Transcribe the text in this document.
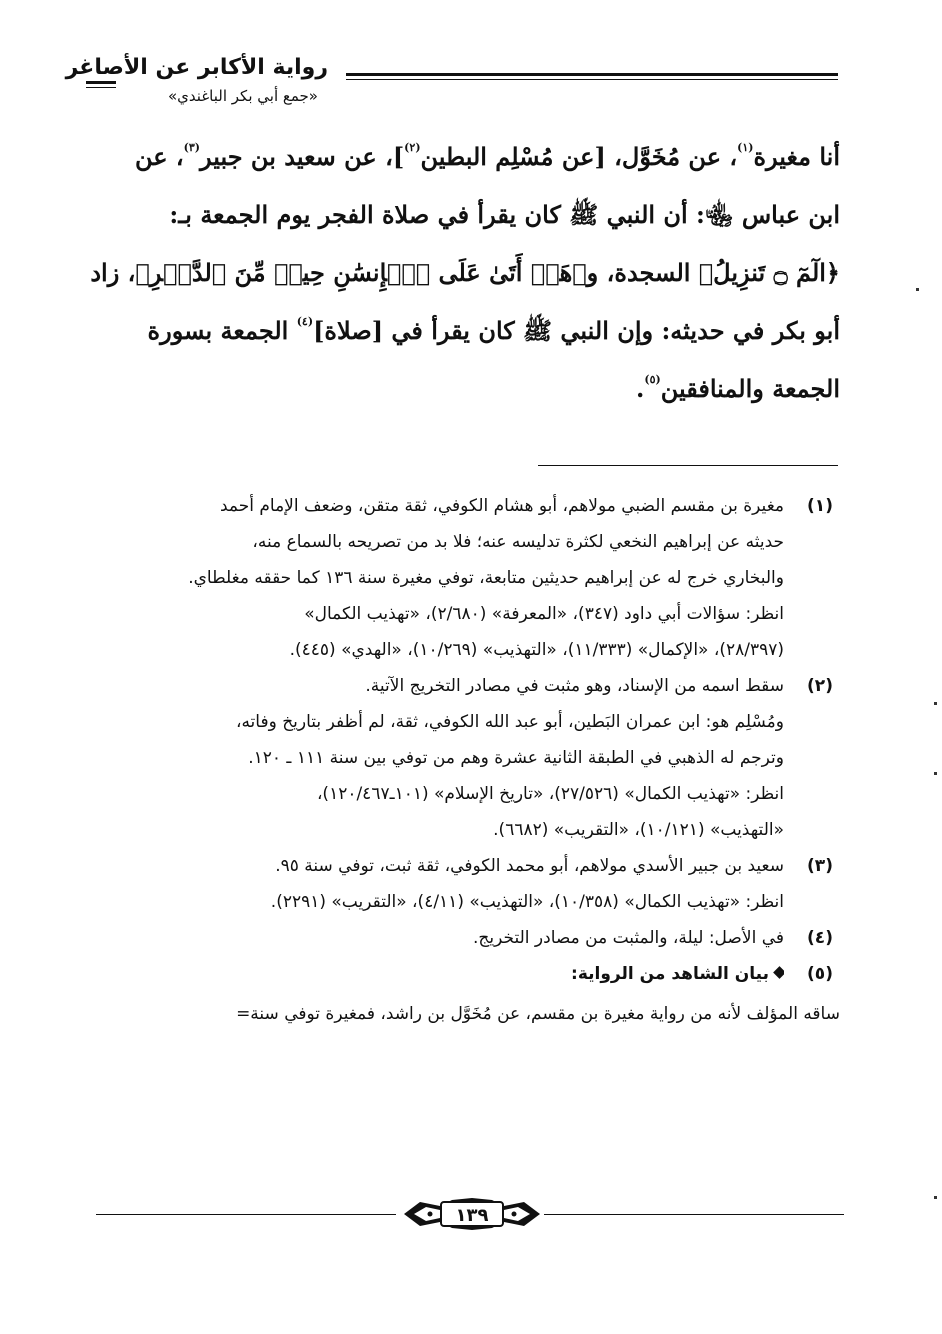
رواية الأكابر عن الأصاغر
«جمع أبي بكر الباغندي»

أنا مغيرة$^{(١)}$، عن مُخَوَّل، [عن مُسْلِم البطين$^{(٢)}$]، عن سعيد بن جبير$^{(٣)}$، عن

ابن عباس ﵄: أن النبي ﷺ كان يقرأ في صلاة الفجر يوم الجمعة بـ:

﴿الٓمٓ ۝ تَنزِيلُ﴾ السجدة، و﴿هَلۡ أَتَىٰ عَلَى ٱلۡإِنسَٰنِ حِينٞ مِّنَ ٱلدَّهۡرِ﴾، زاد

أبو بكر في حديثه: وإن النبي ﷺ كان يقرأ في [صلاة]$^{(٤)}$ الجمعة بسورة

الجمعة والمنافقين$^{(٥)}$.

(١)
مغيرة بن مقسم الضبي مولاهم، أبو هشام الكوفي، ثقة متقن، وضعف الإمام أحمد
حديثه عن إبراهيم النخعي لكثرة تدليسه عنه؛ فلا بد من تصريحه بالسماع منه،
والبخاري خرج له عن إبراهيم حديثين متابعة، توفي مغيرة سنة ١٣٦ كما حققه مغلطاي.
انظر: سؤالات أبي داود (٣٤٧)، «المعرفة» (٢/٦٨٠)، «تهذيب الكمال»
(٢٨/٣٩٧)، «الإكمال» (١١/٣٣٣)، «التهذيب» (١٠/٢٦٩)، «الهدي» (٤٤٥).
(٢)
سقط اسمه من الإسناد، وهو مثبت في مصادر التخريج الآتية.
ومُسْلِم هو: ابن عمران البَطين، أبو عبد الله الكوفي، ثقة، لم أظفر بتاريخ وفاته،
وترجم له الذهبي في الطبقة الثانية عشرة وهم من توفي بين سنة ١١١ ـ ١٢٠.
انظر: «تهذيب الكمال» (٢٧/٥٢٦)، «تاريخ الإسلام» (١٠١ـ١٢٠/٤٦٧)،
«التهذيب» (١٠/١٢١)، «التقريب» (٦٦٨٢).
(٣)
سعيد بن جبير الأسدي مولاهم، أبو محمد الكوفي، ثقة ثبت، توفي سنة ٩٥.
انظر: «تهذيب الكمال» (١٠/٣٥٨)، «التهذيب» (٤/١١)، «التقريب» (٢٢٩١).
(٤)
في الأصل: ليلة، والمثبت من مصادر التخريج.
(٥)
بيان الشاهد من الرواية:
ساقه المؤلف لأنه من رواية مغيرة بن مقسم، عن مُخَوَّل بن راشد، فمغيرة توفي سنة=
١٣٩
